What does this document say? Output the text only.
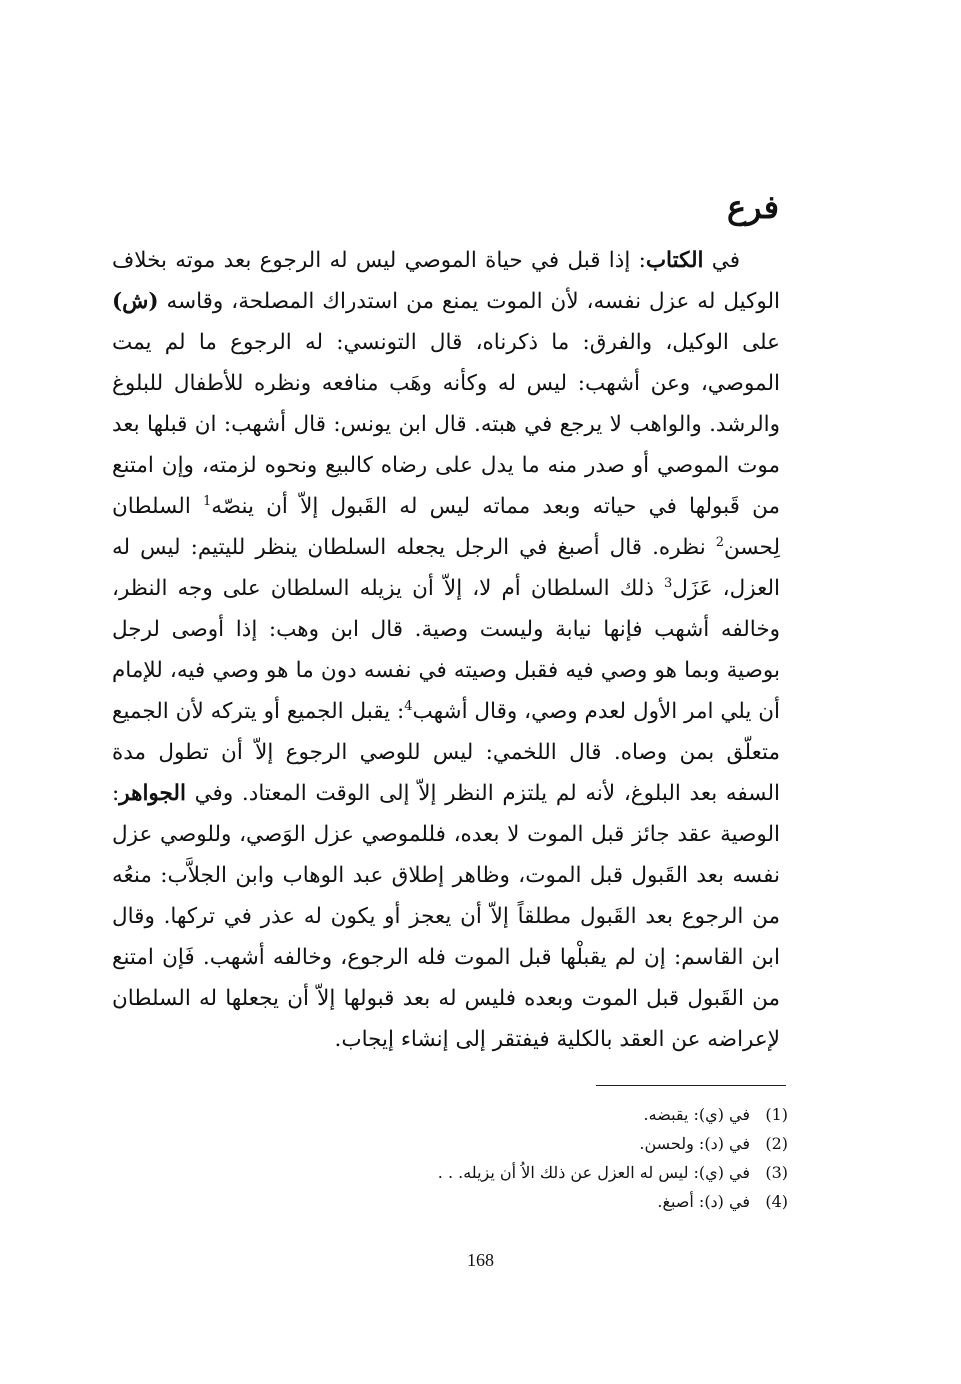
فرع

في الكتاب: إذا قبل في حياة الموصي ليس له الرجوع بعد موته بخلاف الوكيل له عزل نفسه، لأن الموت يمنع من استدراك المصلحة، وقاسه (ش) على الوكيل، والفرق: ما ذكرناه، قال التونسي: له الرجوع ما لم يمت الموصي، وعن أشهب: ليس له وكأنه وهَب منافعه ونظره للأطفال للبلوغ والرشد. والواهب لا يرجع في هبته. قال ابن يونس: قال أشهب: ان قبلها بعد موت الموصي أو صدر منه ما يدل على رضاه كالبيع ونحوه لزمته، وإن امتنع من قَبولها في حياته وبعد مماته ليس له القَبول إلاّ أن ينصّه$^1$ السلطان لِحسن$^2$ نظره. قال أصبغ في الرجل يجعله السلطان ينظر لليتيم: ليس له العزل، عَزَل$^3$ ذلك السلطان أم لا، إلاّ أن يزيله السلطان على وجه النظر، وخالفه أشهب فإنها نيابة وليست وصية. قال ابن وهب: إذا أوصى لرجل بوصية وبما هو وصي فيه فقبل وصيته في نفسه دون ما هو وصي فيه، للإمام أن يلي امر الأول لعدم وصي، وقال أشهب$^4$: يقبل الجميع أو يتركه لأن الجميع متعلّق بمن وصاه. قال اللخمي: ليس للوصي الرجوع إلاّ أن تطول مدة السفه بعد البلوغ، لأنه لم يلتزم النظر إلاّ إلى الوقت المعتاد. وفي الجواهر: الوصية عقد جائز قبل الموت لا بعده، فللموصي عزل الوَصي، وللوصي عزل نفسه بعد القَبول قبل الموت، وظاهر إطلاق عبد الوهاب وابن الجلاَّب: منعُه من الرجوع بعد القَبول مطلقاً إلاّ أن يعجز أو يكون له عذر في تركها. وقال ابن القاسم: إن لم يقبلْها قبل الموت فله الرجوع، وخالفه أشهب. فَإن امتنع من القَبول قبل الموت وبعده فليس له بعد قبولها إلاّ أن يجعلها له السلطان لإعراضه عن العقد بالكلية فيفتقر إلى إنشاء إيجاب.

(1)في (ي): يقبضه.
(2)في (د): ولحسن.
(3)في (ي): ليس له العزل عن ذلك الاُ أن يزيله. . .
(4)في (د): أصبغ.
168
